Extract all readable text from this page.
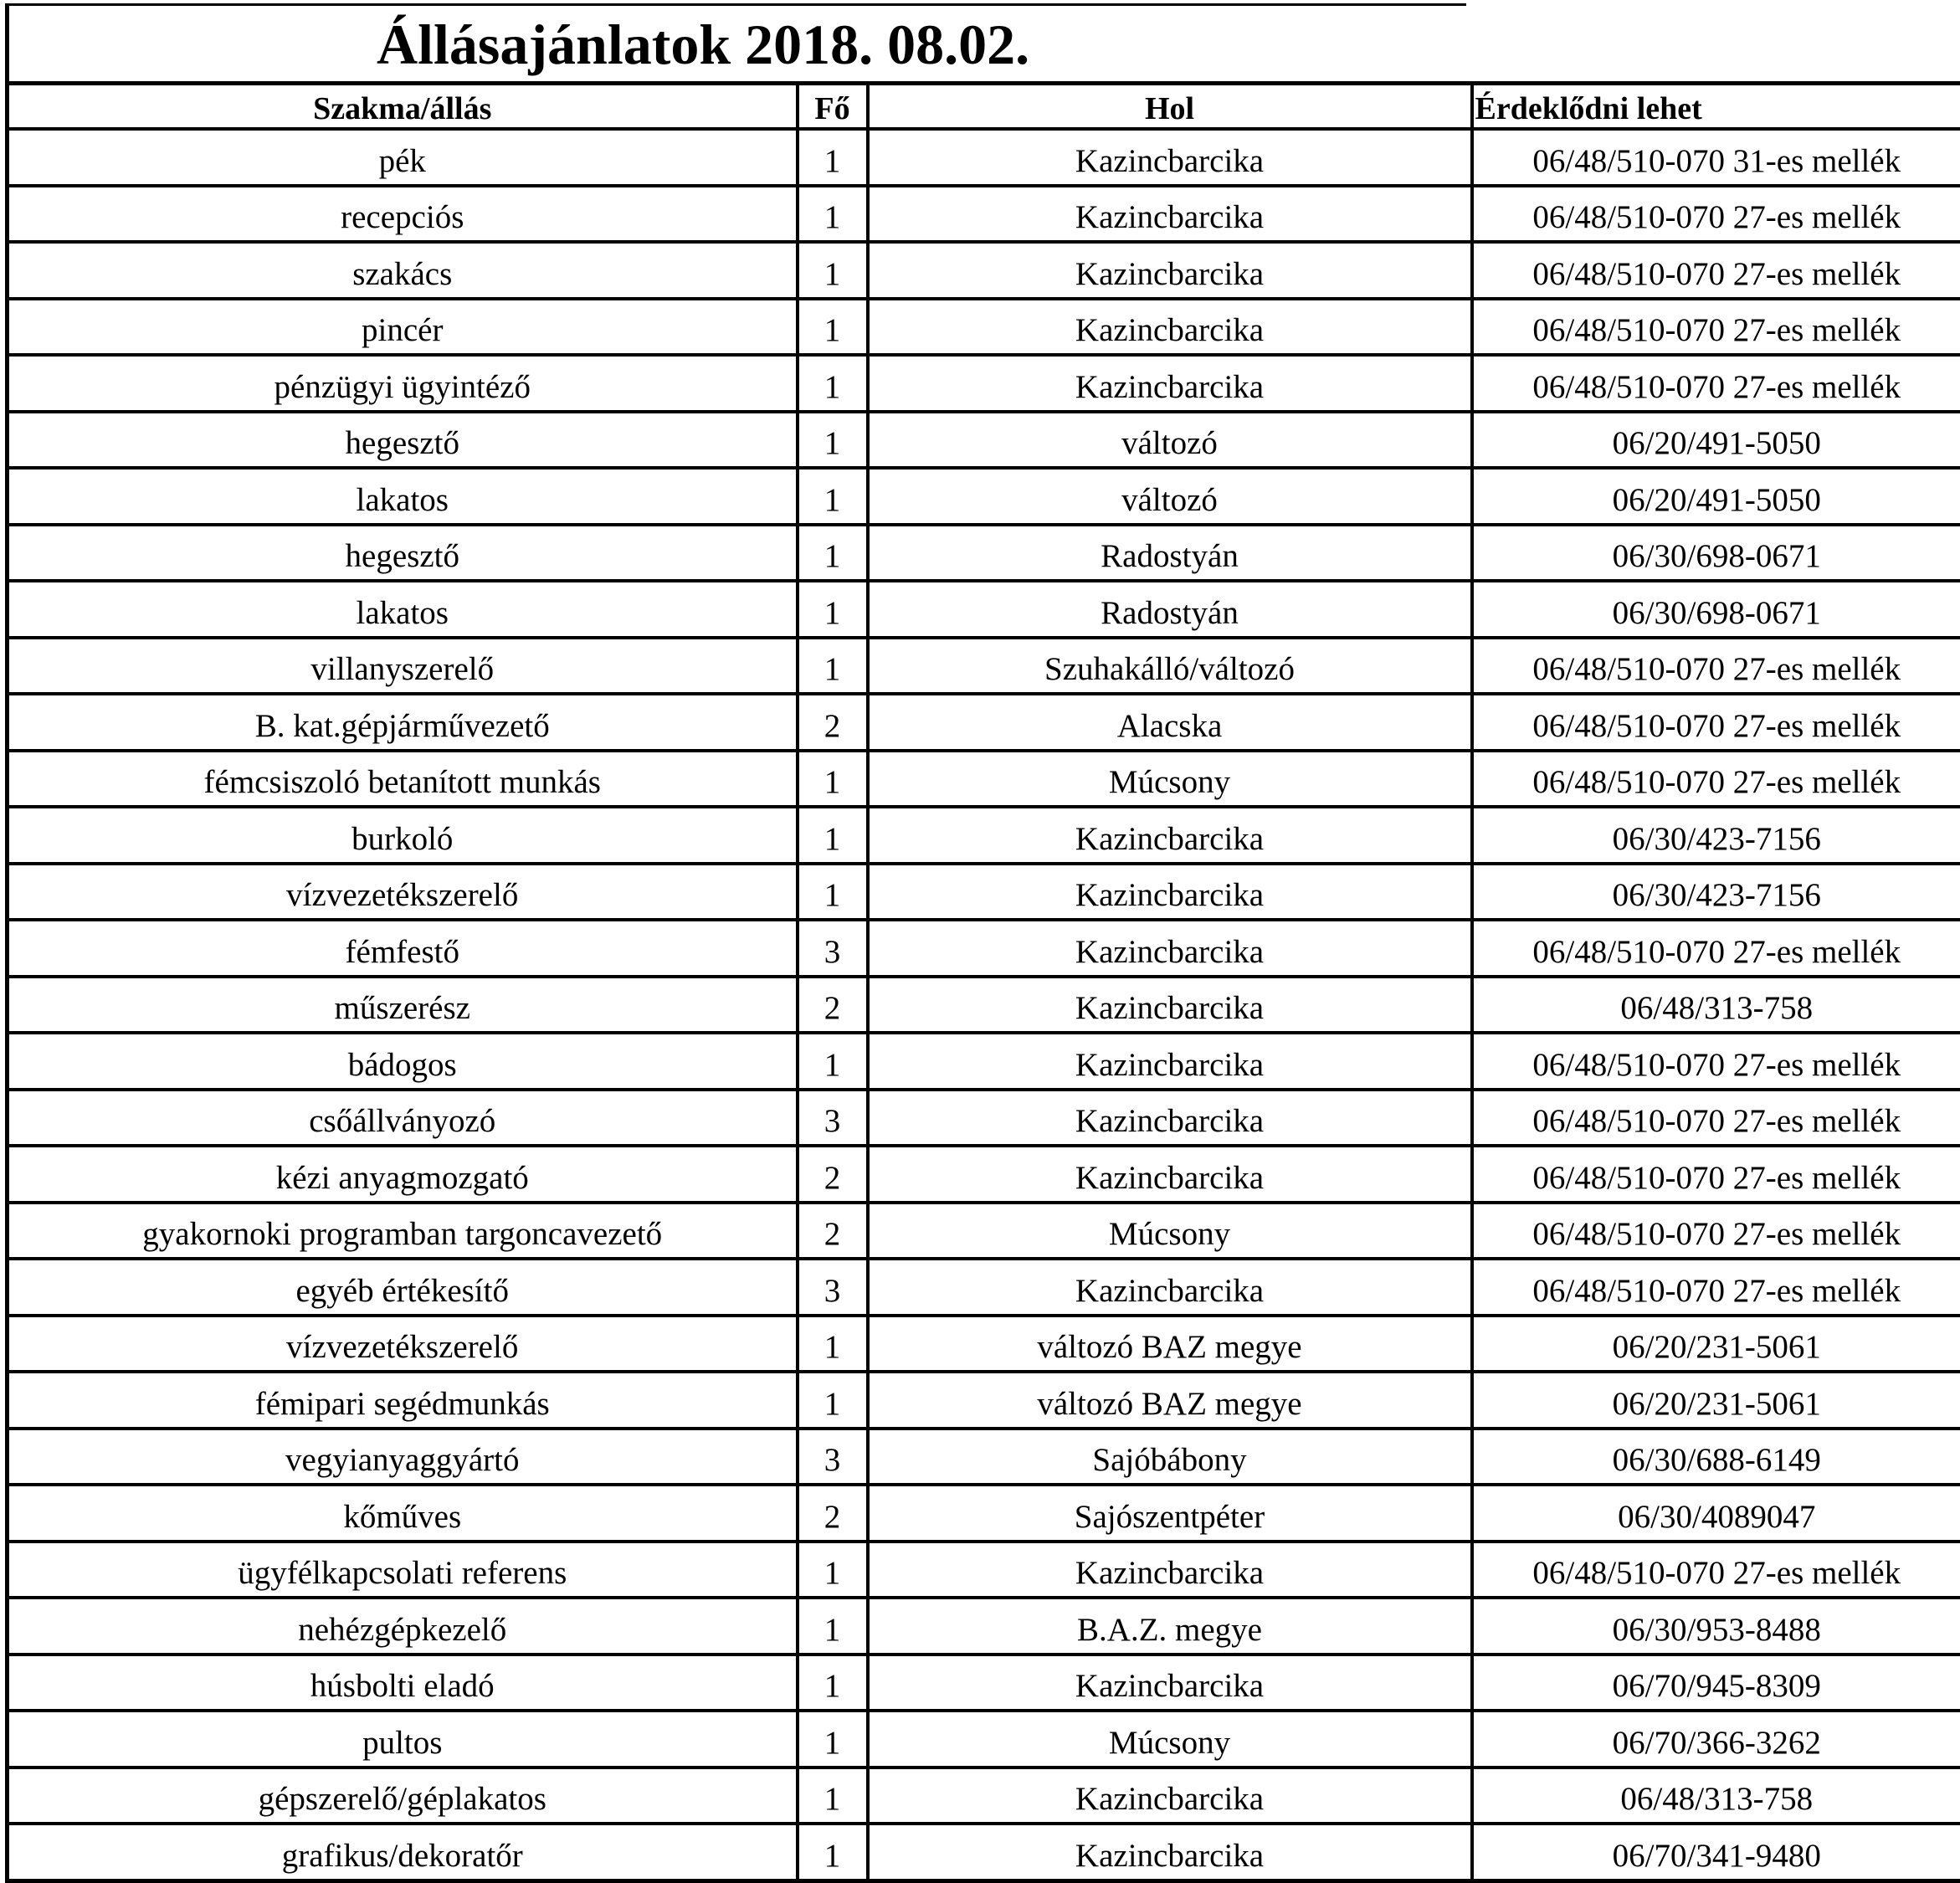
Állásajánlatok 2018. 08.02.
Szakma/állás	Fő	Hol	Érdeklődni lehet
pék	1	Kazincbarcika	06/48/510-070 31-es mellék
recepciós	1	Kazincbarcika	06/48/510-070 27-es mellék
szakács	1	Kazincbarcika	06/48/510-070 27-es mellék
pincér	1	Kazincbarcika	06/48/510-070 27-es mellék
pénzügyi ügyintéző	1	Kazincbarcika	06/48/510-070 27-es mellék
hegesztő	1	változó	06/20/491-5050
lakatos	1	változó	06/20/491-5050
hegesztő	1	Radostyán	06/30/698-0671
lakatos	1	Radostyán	06/30/698-0671
villanyszerelő	1	Szuhakálló/változó	06/48/510-070 27-es mellék
B. kat.gépjárművezető	2	Alacska	06/48/510-070 27-es mellék
fémcsiszoló betanított munkás	1	Múcsony	06/48/510-070 27-es mellék
burkoló	1	Kazincbarcika	06/30/423-7156
vízvezetékszerelő	1	Kazincbarcika	06/30/423-7156
fémfestő	3	Kazincbarcika	06/48/510-070 27-es mellék
műszerész	2	Kazincbarcika	06/48/313-758
bádogos	1	Kazincbarcika	06/48/510-070 27-es mellék
csőállványozó	3	Kazincbarcika	06/48/510-070 27-es mellék
kézi anyagmozgató	2	Kazincbarcika	06/48/510-070 27-es mellék
gyakornoki programban targoncavezető	2	Múcsony	06/48/510-070 27-es mellék
egyéb értékesítő	3	Kazincbarcika	06/48/510-070 27-es mellék
vízvezetékszerelő	1	változó BAZ megye	06/20/231-5061
fémipari segédmunkás	1	változó BAZ megye	06/20/231-5061
vegyianyaggyártó	3	Sajóbábony	06/30/688-6149
kőműves	2	Sajószentpéter	06/30/4089047
ügyfélkapcsolati referens	1	Kazincbarcika	06/48/510-070 27-es mellék
nehézgépkezelő	1	B.A.Z. megye	06/30/953-8488
húsbolti eladó	1	Kazincbarcika	06/70/945-8309
pultos	1	Múcsony	06/70/366-3262
gépszerelő/géplakatos	1	Kazincbarcika	06/48/313-758
grafikus/dekoratőr	1	Kazincbarcika	06/70/341-9480
